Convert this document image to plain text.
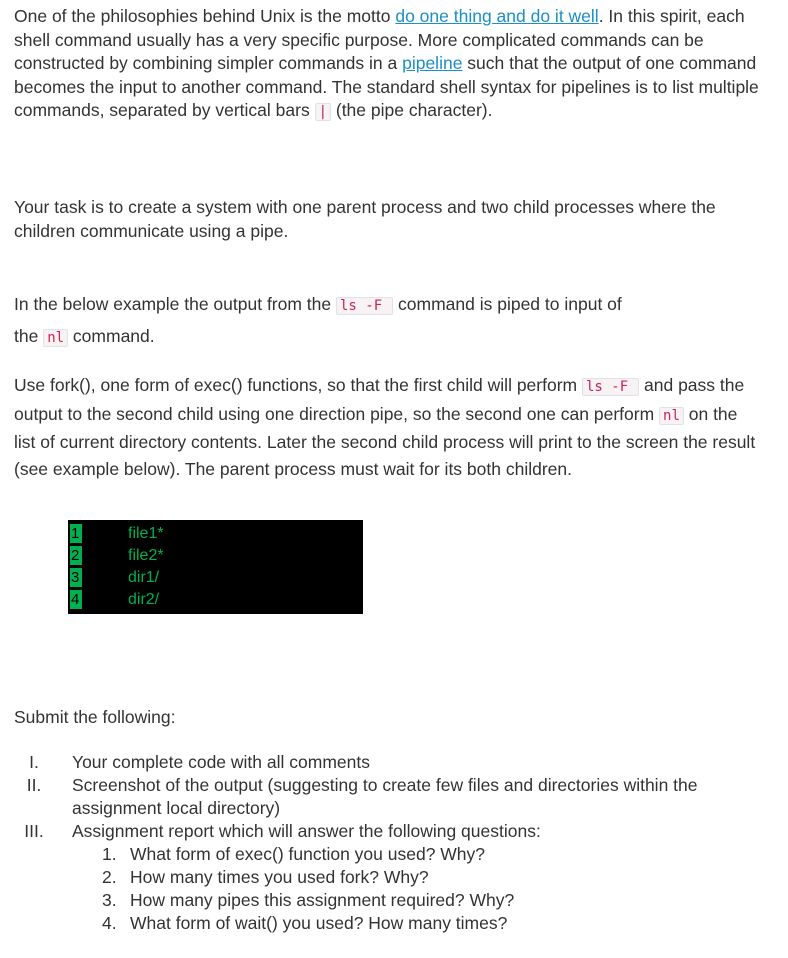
One of the philosophies behind Unix is the motto do one thing and do it well. In this spirit, each shell command usually has a very specific purpose. More complicated commands can be constructed by combining simpler commands in a pipeline such that the output of one command becomes the input to another command. The standard shell syntax for pipelines is to list multiple commands, separated by vertical bars | (the pipe character).

Your task is to create a system with one parent process and two child processes where the children communicate using a pipe.

In the below example the output from the ls -F command is piped to input of
the nl command.

Use fork(), one form of exec() functions, so that the first child will perform ls -F and pass the output to the second child using one direction pipe, so the second one can perform nl on the list of current directory contents. Later the second child process will print to the screen the result (see example below). The parent process must wait for its both children.

1	file1*
2	file2*
3	dir1/
4	dir2/

Submit the following:

I.	Your complete code with all comments
II.	Screenshot of the output (suggesting to create few files and directories within the assignment local directory)
III.	Assignment report which will answer the following questions:
1. What form of exec() function you used? Why?
2. How many times you used fork? Why?
3. How many pipes this assignment required? Why?
4. What form of wait() you used? How many times?
